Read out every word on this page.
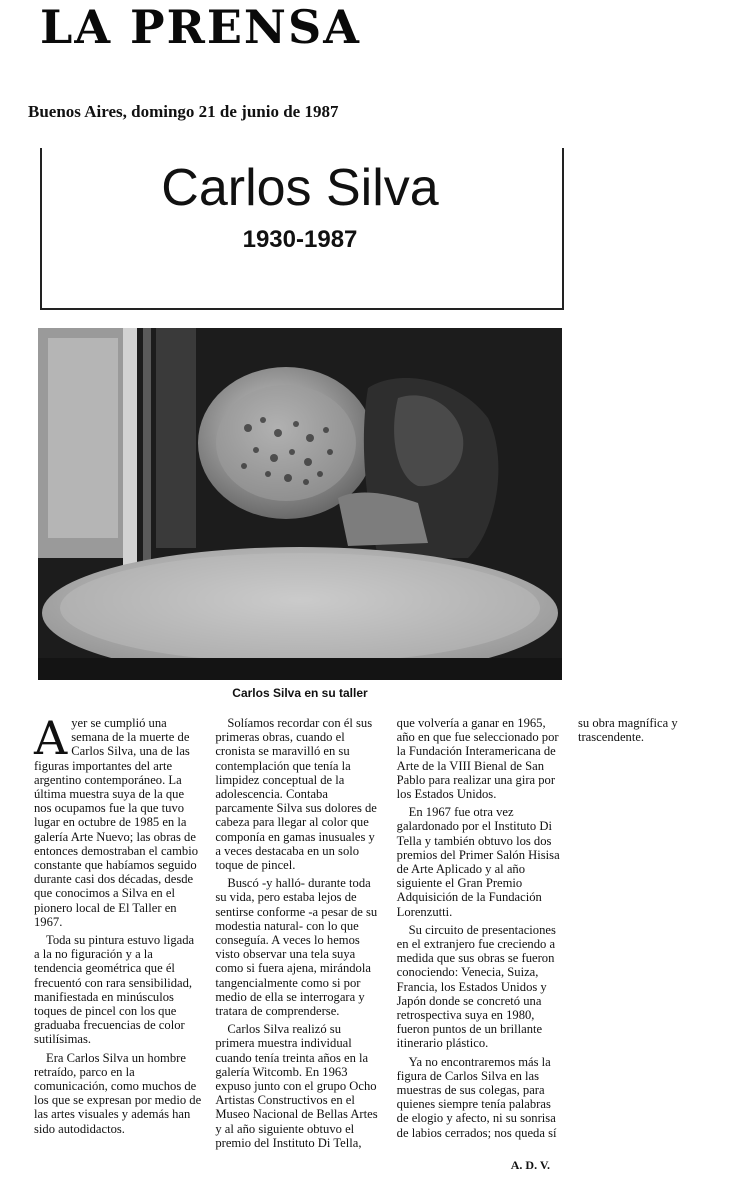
LA PRENSA
Buenos Aires, domingo 21 de junio de 1987
Carlos Silva
1930-1987
Carlos Silva en su taller

Ayer se cumplió una semana de la muerte de Carlos Silva, una de las figuras importantes del arte argentino contemporáneo. La última muestra suya de la que nos ocupamos fue la que tuvo lugar en octubre de 1985 en la galería Arte Nuevo; las obras de entonces demostraban el cambio constante que habíamos seguido durante casi dos décadas, desde que conocimos a Silva en el pionero local de El Taller en 1967.

Toda su pintura estuvo ligada a la no figuración y a la tendencia geométrica que él frecuentó con rara sensibilidad, manifiestada en minúsculos toques de pincel con los que graduaba frecuencias de color sutilísimas.

Era Carlos Silva un hombre retraído, parco en la comunicación, como muchos de los que se expresan por medio de las artes visuales y además han sido autodidactos.

Solíamos recordar con él sus primeras obras, cuando el cronista se maravilló en su contemplación que tenía la limpidez conceptual de la adolescencia. Contaba parcamente Silva sus dolores de cabeza para llegar al color que componía en gamas inusuales y a veces destacaba en un solo toque de pincel.

Buscó -y halló- durante toda su vida, pero estaba lejos de sentirse conforme -a pesar de su modestia natural- con lo que conseguía. A veces lo hemos visto observar una tela suya como si fuera ajena, mirándola tangencialmente como si por medio de ella se interrogara y tratara de comprenderse.

Carlos Silva realizó su primera muestra individual cuando tenía treinta años en la galería Witcomb. En 1963 expuso junto con el grupo Ocho Artistas Constructivos en el Museo Nacional de Bellas Artes y al año siguiente obtuvo el premio del Instituto Di Tella, que volvería a ganar en 1965, año en que fue seleccionado por la Fundación Interamericana de Arte de la VIII Bienal de San Pablo para realizar una gira por los Estados Unidos.

En 1967 fue otra vez galardonado por el Instituto Di Tella y también obtuvo los dos premios del Primer Salón Hisisa de Arte Aplicado y al año siguiente el Gran Premio Adquisición de la Fundación Lorenzutti.

Su circuito de presentaciones en el extranjero fue creciendo a medida que sus obras se fueron conociendo: Venecia, Suiza, Francia, los Estados Unidos y Japón donde se concretó una retrospectiva suya en 1980, fueron puntos de un brillante itinerario plástico.

Ya no encontraremos más la figura de Carlos Silva en las muestras de sus colegas, para quienes siempre tenía palabras de elogio y afecto, ni su sonrisa de labios cerrados; nos queda sí su obra magnífica y trascendente.

A. D. V.
